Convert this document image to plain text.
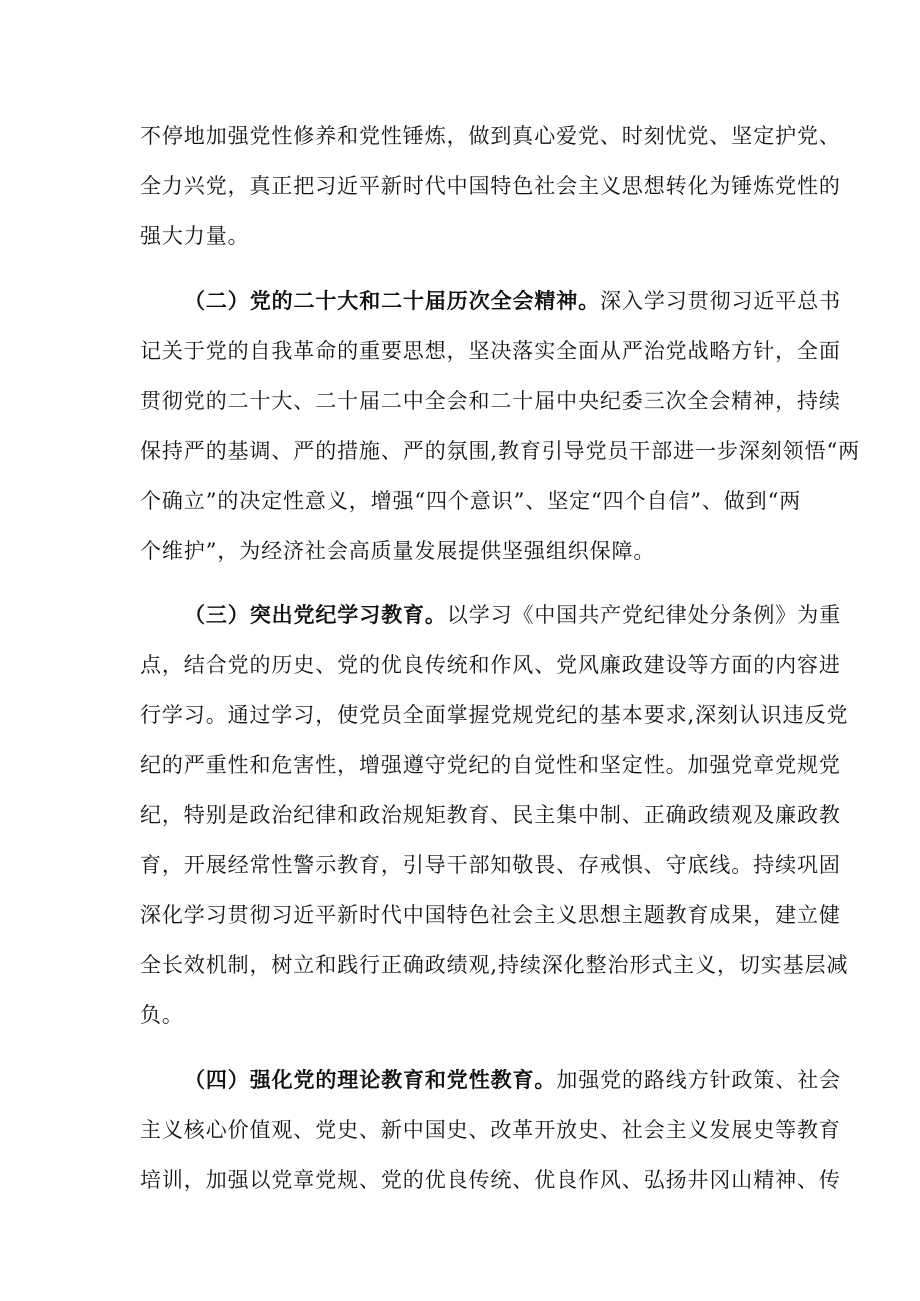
不停地加强党性修养和党性锤炼，做到真心爱党、时刻忧党、坚定护党、
全力兴党，真正把习近平新时代中国特色社会主义思想转化为锤炼党性的
强大力量。
（二）党的二十大和二十届历次全会精神。深入学习贯彻习近平总书
记关于党的自我革命的重要思想，坚决落实全面从严治党战略方针，全面
贯彻党的二十大、二十届二中全会和二十届中央纪委三次全会精神，持续
保持严的基调、严的措施、严的氛围,教育引导党员干部进一步深刻领悟“两
个确立”的决定性意义，增强“四个意识”、坚定“四个自信”、做到“两
个维护”，为经济社会高质量发展提供坚强组织保障。
（三）突出党纪学习教育。以学习《中国共产党纪律处分条例》为重
点，结合党的历史、党的优良传统和作风、党风廉政建设等方面的内容进
行学习。通过学习，使党员全面掌握党规党纪的基本要求,深刻认识违反党
纪的严重性和危害性，增强遵守党纪的自觉性和坚定性。加强党章党规党
纪，特别是政治纪律和政治规矩教育、民主集中制、正确政绩观及廉政教
育，开展经常性警示教育，引导干部知敬畏、存戒惧、守底线。持续巩固
深化学习贯彻习近平新时代中国特色社会主义思想主题教育成果，建立健
全长效机制，树立和践行正确政绩观,持续深化整治形式主义，切实基层减
负。
（四）强化党的理论教育和党性教育。加强党的路线方针政策、社会
主义核心价值观、党史、新中国史、改革开放史、社会主义发展史等教育
培训，加强以党章党规、党的优良传统、优良作风、弘扬井冈山精神、传
